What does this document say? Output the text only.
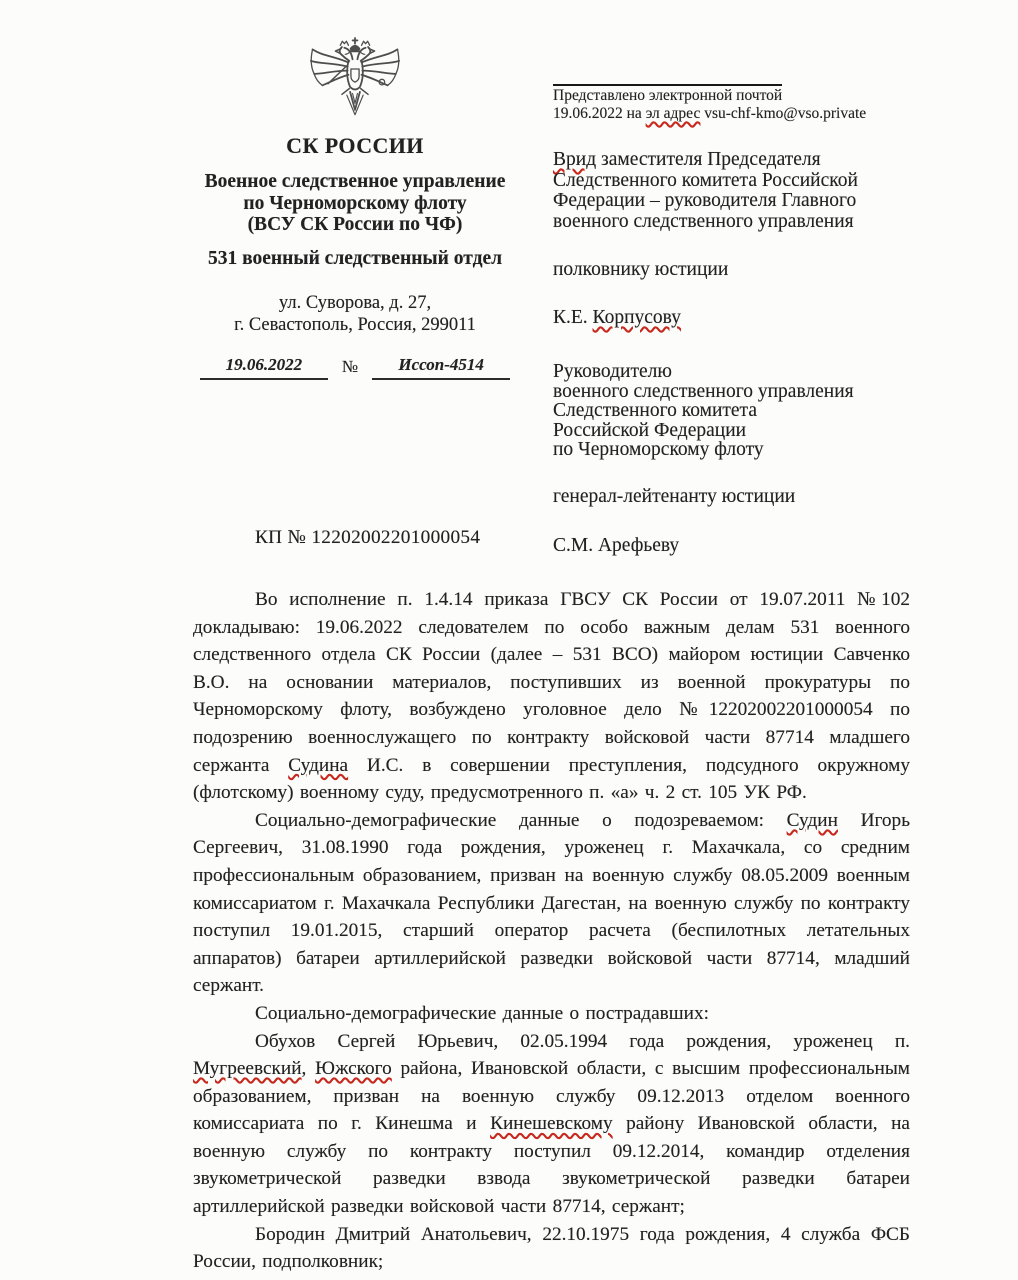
СК РОССИИ
Военное следственное управление
по Черноморскому флоту
(ВСУ СК России по ЧФ)
531 военный следственный отдел
ул. Суворова, д. 27,
г. Севастополь, Россия, 299011
19.06.2022	№	Иссоп-4514
Представлено электронной почтой
19.06.2022 на эл адрес vsu-chf-kmo@vso.private
Врид заместителя Председателя
Следственного комитета Российской
Федерации – руководителя Главного
военного следственного управления
полковнику юстиции
К.Е. Корпусову
Руководителю
военного следственного управления
Следственного комитета
Российской Федерации
по Черноморскому флоту
генерал-лейтенанту юстиции
С.М. Арефьеву
КП № 12202002201000054

Во исполнение п. 1.4.14 приказа ГВСУ СК России от 19.07.2011 №102 докладываю: 19.06.2022 следователем по особо важным делам 531 военного следственного отдела СК России (далее – 531 ВСО) майором юстиции Савченко В.О. на основании материалов, поступивших из военной прокуратуры по Черноморскому флоту, возбуждено уголовное дело №12202002201000054 по подозрению военнослужащего по контракту войсковой части 87714 младшего сержанта Судина И.С. в совершении преступления, подсудного окружному (флотскому) военному суду, предусмотренного п. «а» ч. 2 ст. 105 УК РФ.

Социально-демографические данные о подозреваемом: Судин Игорь Сергеевич, 31.08.1990 года рождения, уроженец г. Махачкала, со средним профессиональным образованием, призван на военную службу 08.05.2009 военным комиссариатом г. Махачкала Республики Дагестан, на военную службу по контракту поступил 19.01.2015, старший оператор расчета (беспилотных летательных аппаратов) батареи артиллерийской разведки войсковой части 87714, младший сержант.

Социально-демографические данные о пострадавших:

Обухов Сергей Юрьевич, 02.05.1994 года рождения, уроженец п. Мугреевский, Южского района, Ивановской области, с высшим профессиональным образованием, призван на военную службу 09.12.2013 отделом военного комиссариата по г. Кинешма и Кинешевскому району Ивановской области, на военную службу по контракту поступил 09.12.2014, командир отделения звукометрической разведки взвода звукометрической разведки батареи артиллерийской разведки войсковой части 87714, сержант;

Бородин Дмитрий Анатольевич, 22.10.1975 года рождения, 4 служба ФСБ России, подполковник;
